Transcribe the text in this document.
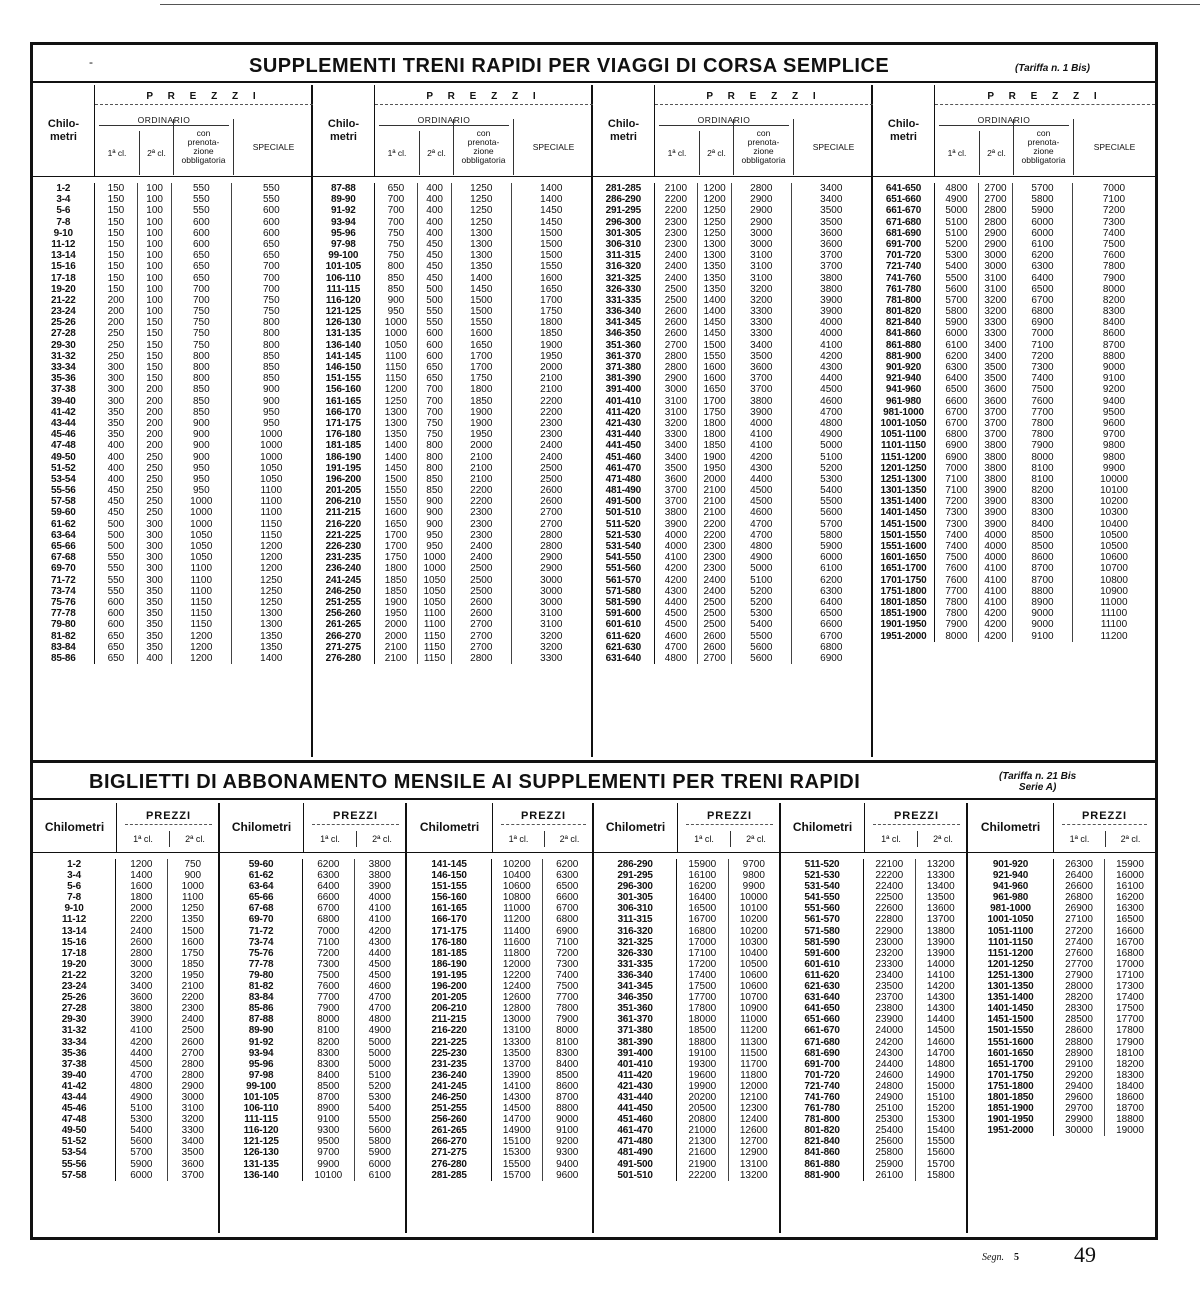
-	SUPPLEMENTI TRENI RAPIDI PER VIAGGI DI CORSA SEMPLICE	(Tariffa n. 1 Bis)
Chilo-
metri
P R E Z Z I
ORDINARIO
1ª cl.	2ª cl.
con
prenota-
zione
obbligatoria
SPECIALE
1-2	150	100	550	550
3-4	150	100	550	550
5-6	150	100	550	600
7-8	150	100	600	600
9-10	150	100	600	600
11-12	150	100	600	650
13-14	150	100	650	650
15-16	150	100	650	700
17-18	150	100	650	700
19-20	150	100	700	700
21-22	200	100	700	750
23-24	200	100	750	750
25-26	200	150	750	800
27-28	250	150	750	800
29-30	250	150	750	800
31-32	250	150	800	850
33-34	300	150	800	850
35-36	300	150	800	850
37-38	300	200	850	900
39-40	300	200	850	900
41-42	350	200	850	950
43-44	350	200	900	950
45-46	350	200	900	1000
47-48	400	200	900	1000
49-50	400	250	900	1000
51-52	400	250	950	1050
53-54	400	250	950	1050
55-56	450	250	950	1100
57-58	450	250	1000	1100
59-60	450	250	1000	1100
61-62	500	300	1000	1150
63-64	500	300	1050	1150
65-66	500	300	1050	1200
67-68	550	300	1050	1200
69-70	550	300	1100	1200
71-72	550	300	1100	1250
73-74	550	350	1100	1250
75-76	600	350	1150	1250
77-78	600	350	1150	1300
79-80	600	350	1150	1300
81-82	650	350	1200	1350
83-84	650	350	1200	1350
85-86	650	400	1200	1400
Chilo-
metri
P R E Z Z I
ORDINARIO
1ª cl.	2ª cl.
con
prenota-
zione
obbligatoria
SPECIALE
87-88	650	400	1250	1400
89-90	700	400	1250	1400
91-92	700	400	1250	1450
93-94	700	400	1250	1450
95-96	750	400	1300	1500
97-98	750	450	1300	1500
99-100	750	450	1300	1500
101-105	800	450	1350	1550
106-110	850	450	1400	1600
111-115	850	500	1450	1650
116-120	900	500	1500	1700
121-125	950	550	1500	1750
126-130	1000	550	1550	1800
131-135	1000	600	1600	1850
136-140	1050	600	1650	1900
141-145	1100	600	1700	1950
146-150	1150	650	1700	2000
151-155	1150	650	1750	2100
156-160	1200	700	1800	2100
161-165	1250	700	1850	2200
166-170	1300	700	1900	2200
171-175	1300	750	1900	2300
176-180	1350	750	1950	2300
181-185	1400	800	2000	2400
186-190	1400	800	2100	2400
191-195	1450	800	2100	2500
196-200	1500	850	2100	2500
201-205	1550	850	2200	2600
206-210	1550	900	2200	2600
211-215	1600	900	2300	2700
216-220	1650	900	2300	2700
221-225	1700	950	2300	2800
226-230	1700	950	2400	2800
231-235	1750	1000	2400	2900
236-240	1800	1000	2500	2900
241-245	1850	1050	2500	3000
246-250	1850	1050	2500	3000
251-255	1900	1050	2600	3000
256-260	1950	1100	2600	3100
261-265	2000	1100	2700	3100
266-270	2000	1150	2700	3200
271-275	2100	1150	2700	3200
276-280	2100	1150	2800	3300
Chilo-
metri
P R E Z Z I
ORDINARIO
1ª cl.	2ª cl.
con
prenota-
zione
obbligatoria
SPECIALE
281-285	2100	1200	2800	3400
286-290	2200	1200	2900	3400
291-295	2200	1250	2900	3500
296-300	2300	1250	2900	3500
301-305	2300	1250	3000	3600
306-310	2300	1300	3000	3600
311-315	2400	1300	3100	3700
316-320	2400	1350	3100	3700
321-325	2400	1350	3100	3800
326-330	2500	1350	3200	3800
331-335	2500	1400	3200	3900
336-340	2600	1400	3300	3900
341-345	2600	1450	3300	4000
346-350	2600	1450	3300	4000
351-360	2700	1500	3400	4100
361-370	2800	1550	3500	4200
371-380	2800	1600	3600	4300
381-390	2900	1600	3700	4400
391-400	3000	1650	3700	4500
401-410	3100	1700	3800	4600
411-420	3100	1750	3900	4700
421-430	3200	1800	4000	4800
431-440	3300	1800	4100	4900
441-450	3400	1850	4100	5000
451-460	3400	1900	4200	5100
461-470	3500	1950	4300	5200
471-480	3600	2000	4400	5300
481-490	3700	2100	4500	5400
491-500	3700	2100	4500	5500
501-510	3800	2100	4600	5600
511-520	3900	2200	4700	5700
521-530	4000	2200	4700	5800
531-540	4000	2300	4800	5900
541-550	4100	2300	4900	6000
551-560	4200	2300	5000	6100
561-570	4200	2400	5100	6200
571-580	4300	2400	5200	6300
581-590	4400	2500	5200	6400
591-600	4500	2500	5300	6500
601-610	4500	2500	5400	6600
611-620	4600	2600	5500	6700
621-630	4700	2600	5600	6800
631-640	4800	2700	5600	6900
Chilo-
metri
P R E Z Z I
ORDINARIO
1ª cl.	2ª cl.
con
prenota-
zione
obbligatoria
SPECIALE
641-650	4800	2700	5700	7000
651-660	4900	2700	5800	7100
661-670	5000	2800	5900	7200
671-680	5100	2800	6000	7300
681-690	5100	2900	6000	7400
691-700	5200	2900	6100	7500
701-720	5300	3000	6200	7600
721-740	5400	3000	6300	7800
741-760	5500	3100	6400	7900
761-780	5600	3100	6500	8000
781-800	5700	3200	6700	8200
801-820	5800	3200	6800	8300
821-840	5900	3300	6900	8400
841-860	6000	3300	7000	8600
861-880	6100	3400	7100	8700
881-900	6200	3400	7200	8800
901-920	6300	3500	7300	9000
921-940	6400	3500	7400	9100
941-960	6500	3600	7500	9200
961-980	6600	3600	7600	9400
981-1000	6700	3700	7700	9500
1001-1050	6700	3700	7800	9600
1051-1100	6800	3700	7800	9700
1101-1150	6900	3800	7900	9800
1151-1200	6900	3800	8000	9800
1201-1250	7000	3800	8100	9900
1251-1300	7100	3800	8100	10000
1301-1350	7100	3900	8200	10100
1351-1400	7200	3900	8300	10200
1401-1450	7300	3900	8300	10300
1451-1500	7300	3900	8400	10400
1501-1550	7400	4000	8500	10500
1551-1600	7400	4000	8500	10500
1601-1650	7500	4000	8600	10600
1651-1700	7600	4100	8700	10700
1701-1750	7600	4100	8700	10800
1751-1800	7700	4100	8800	10900
1801-1850	7800	4100	8900	11000
1851-1900	7800	4200	9000	11100
1901-1950	7900	4200	9000	11100
1951-2000	8000	4200	9100	11200
BIGLIETTI DI ABBONAMENTO MENSILE AI SUPPLEMENTI PER TRENI RAPIDI	(Tariffa n. 21 Bis
Serie A)
Chilometri
PREZZI
1ª cl.	2ª cl.
1-2	1200	750
3-4	1400	900
5-6	1600	1000
7-8	1800	1100
9-10	2000	1250
11-12	2200	1350
13-14	2400	1500
15-16	2600	1600
17-18	2800	1750
19-20	3000	1850
21-22	3200	1950
23-24	3400	2100
25-26	3600	2200
27-28	3800	2300
29-30	3900	2400
31-32	4100	2500
33-34	4200	2600
35-36	4400	2700
37-38	4500	2800
39-40	4700	2800
41-42	4800	2900
43-44	4900	3000
45-46	5100	3100
47-48	5300	3200
49-50	5400	3300
51-52	5600	3400
53-54	5700	3500
55-56	5900	3600
57-58	6000	3700
Chilometri
PREZZI
1ª cl.	2ª cl.
59-60	6200	3800
61-62	6300	3800
63-64	6400	3900
65-66	6600	4000
67-68	6700	4100
69-70	6800	4100
71-72	7000	4200
73-74	7100	4300
75-76	7200	4400
77-78	7300	4500
79-80	7500	4500
81-82	7600	4600
83-84	7700	4700
85-86	7900	4700
87-88	8000	4800
89-90	8100	4900
91-92	8200	5000
93-94	8300	5000
95-96	8300	5000
97-98	8400	5100
99-100	8500	5200
101-105	8700	5300
106-110	8900	5400
111-115	9100	5500
116-120	9300	5600
121-125	9500	5800
126-130	9700	5900
131-135	9900	6000
136-140	10100	6100
Chilometri
PREZZI
1ª cl.	2ª cl.
141-145	10200	6200
146-150	10400	6300
151-155	10600	6500
156-160	10800	6600
161-165	11000	6700
166-170	11200	6800
171-175	11400	6900
176-180	11600	7100
181-185	11800	7200
186-190	12000	7300
191-195	12200	7400
196-200	12400	7500
201-205	12600	7700
206-210	12800	7800
211-215	13000	7900
216-220	13100	8000
221-225	13300	8100
225-230	13500	8300
231-235	13700	8400
236-240	13900	8500
241-245	14100	8600
246-250	14300	8700
251-255	14500	8800
256-260	14700	9000
261-265	14900	9100
266-270	15100	9200
271-275	15300	9300
276-280	15500	9400
281-285	15700	9600
Chilometri
PREZZI
1ª cl.	2ª cl.
286-290	15900	9700
291-295	16100	9800
296-300	16200	9900
301-305	16400	10000
306-310	16500	10100
311-315	16700	10200
316-320	16800	10200
321-325	17000	10300
326-330	17100	10400
331-335	17200	10500
336-340	17400	10600
341-345	17500	10600
346-350	17700	10700
351-360	17800	10900
361-370	18000	11000
371-380	18500	11200
381-390	18800	11300
391-400	19100	11500
401-410	19300	11700
411-420	19600	11800
421-430	19900	12000
431-440	20200	12100
441-450	20500	12300
451-460	20800	12400
461-470	21000	12600
471-480	21300	12700
481-490	21600	12900
491-500	21900	13100
501-510	22200	13200
Chilometri
PREZZI
1ª cl.	2ª cl.
511-520	22100	13200
521-530	22200	13300
531-540	22400	13400
541-550	22500	13500
551-560	22600	13600
561-570	22800	13700
571-580	22900	13800
581-590	23000	13900
591-600	23200	13900
601-610	23300	14000
611-620	23400	14100
621-630	23500	14200
631-640	23700	14300
641-650	23800	14300
651-660	23900	14400
661-670	24000	14500
671-680	24200	14600
681-690	24300	14700
691-700	24400	14800
701-720	24600	14900
721-740	24800	15000
741-760	24900	15100
761-780	25100	15200
781-800	25300	15300
801-820	25400	15400
821-840	25600	15500
841-860	25800	15600
861-880	25900	15700
881-900	26100	15800
Chilometri
PREZZI
1ª cl.	2ª cl.
901-920	26300	15900
921-940	26400	16000
941-960	26600	16100
961-980	26800	16200
981-1000	26900	16300
1001-1050	27100	16500
1051-1100	27200	16600
1101-1150	27400	16700
1151-1200	27600	16800
1201-1250	27700	17000
1251-1300	27900	17100
1301-1350	28000	17300
1351-1400	28200	17400
1401-1450	28300	17500
1451-1500	28500	17700
1501-1550	28600	17800
1551-1600	28800	17900
1601-1650	28900	18100
1651-1700	29100	18200
1701-1750	29200	18300
1751-1800	29400	18400
1801-1850	29600	18600
1851-1900	29700	18700
1901-1950	29900	18800
1951-2000	30000	19000
Segn. 5	49
